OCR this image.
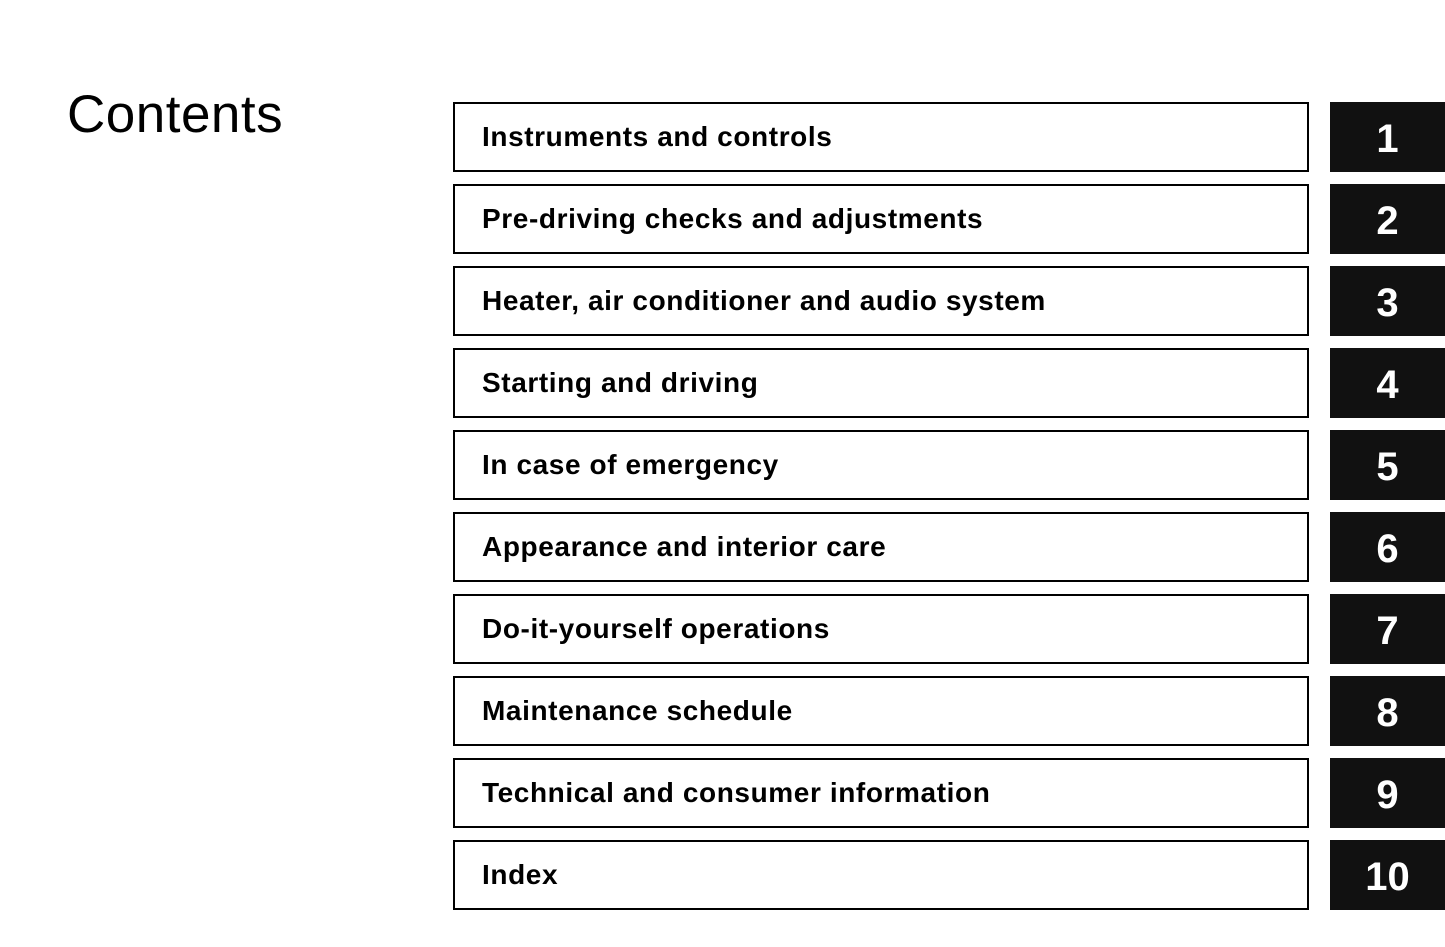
Contents	Instruments and controls	1
Pre-driving checks and adjustments	2
Heater, air conditioner and audio system	3
Starting and driving	4
In case of emergency	5
Appearance and interior care	6
Do-it-yourself operations	7
Maintenance schedule	8
Technical and consumer information	9
Index	10
